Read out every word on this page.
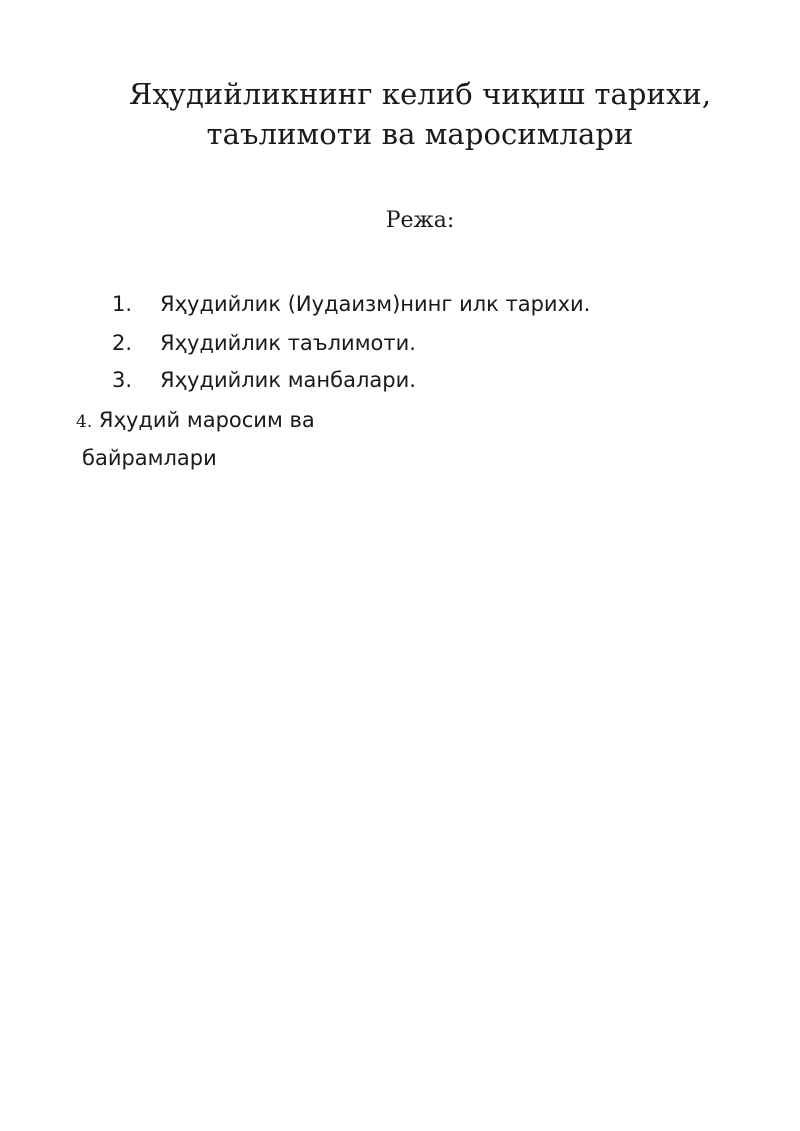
Яҳудийликнинг келиб чиқиш тарихи,
таълимоти ва маросимлари
Режа:
1.	Яҳудийлик (Иудаизм)нинг илк тарихи.
2.	Яҳудийлик таълимоти.
3.	Яҳудийлик манбалари.
4. Яҳудий маросим ва
байрамлари
